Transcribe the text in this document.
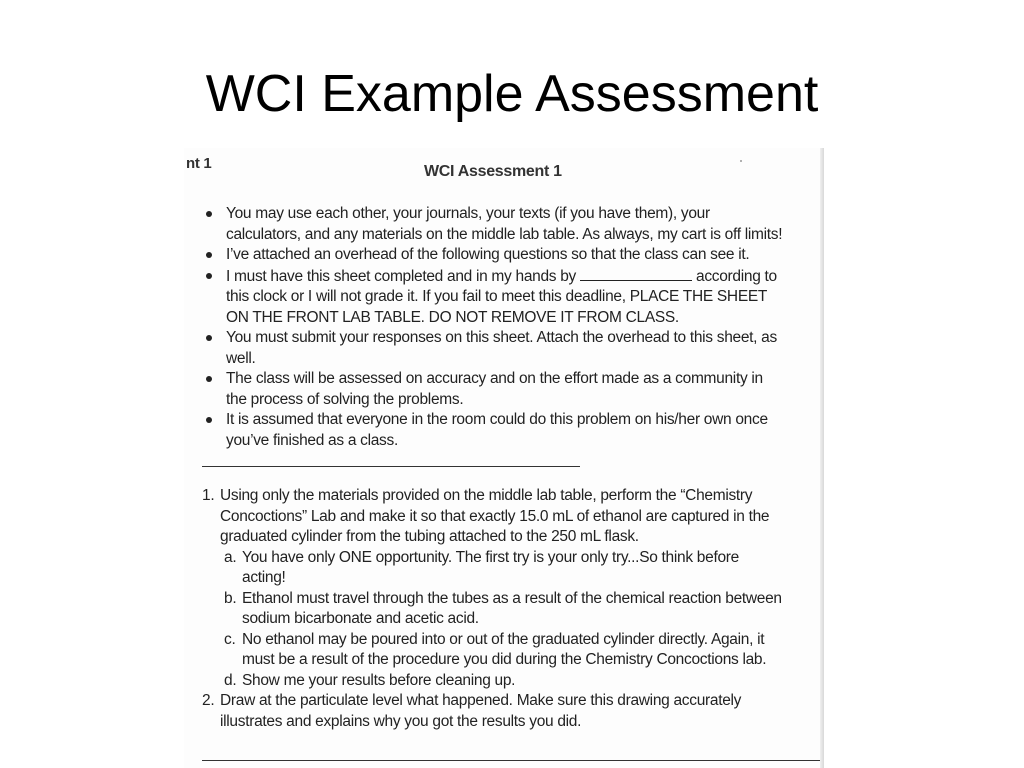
WCI Example Assessment
nt 1	WCI Assessment 1
You may use each other, your journals, your texts (if you have them), your calculators, and any materials on the middle lab table. As always, my cart is off limits!
I’ve attached an overhead of the following questions so that the class can see it.
I must have this sheet completed and in my hands by	according to this clock or I will not grade it. If you fail to meet this deadline, PLACE THE SHEET ON THE FRONT LAB TABLE. DO NOT REMOVE IT FROM CLASS.
You must submit your responses on this sheet. Attach the overhead to this sheet, as well.
The class will be assessed on accuracy and on the effort made as a community in the process of solving the problems.
It is assumed that everyone in the room could do this problem on his/her own once you’ve finished as a class.
1. Using only the materials provided on the middle lab table, perform the “Chemistry Concoctions” Lab and make it so that exactly 15.0 mL of ethanol are captured in the graduated cylinder from the tubing attached to the 250 mL flask.
a. You have only ONE opportunity. The first try is your only try...So think before acting!
b. Ethanol must travel through the tubes as a result of the chemical reaction between sodium bicarbonate and acetic acid.
c. No ethanol may be poured into or out of the graduated cylinder directly. Again, it must be a result of the procedure you did during the Chemistry Concoctions lab.
d. Show me your results before cleaning up.
2. Draw at the particulate level what happened. Make sure this drawing accurately illustrates and explains why you got the results you did.
